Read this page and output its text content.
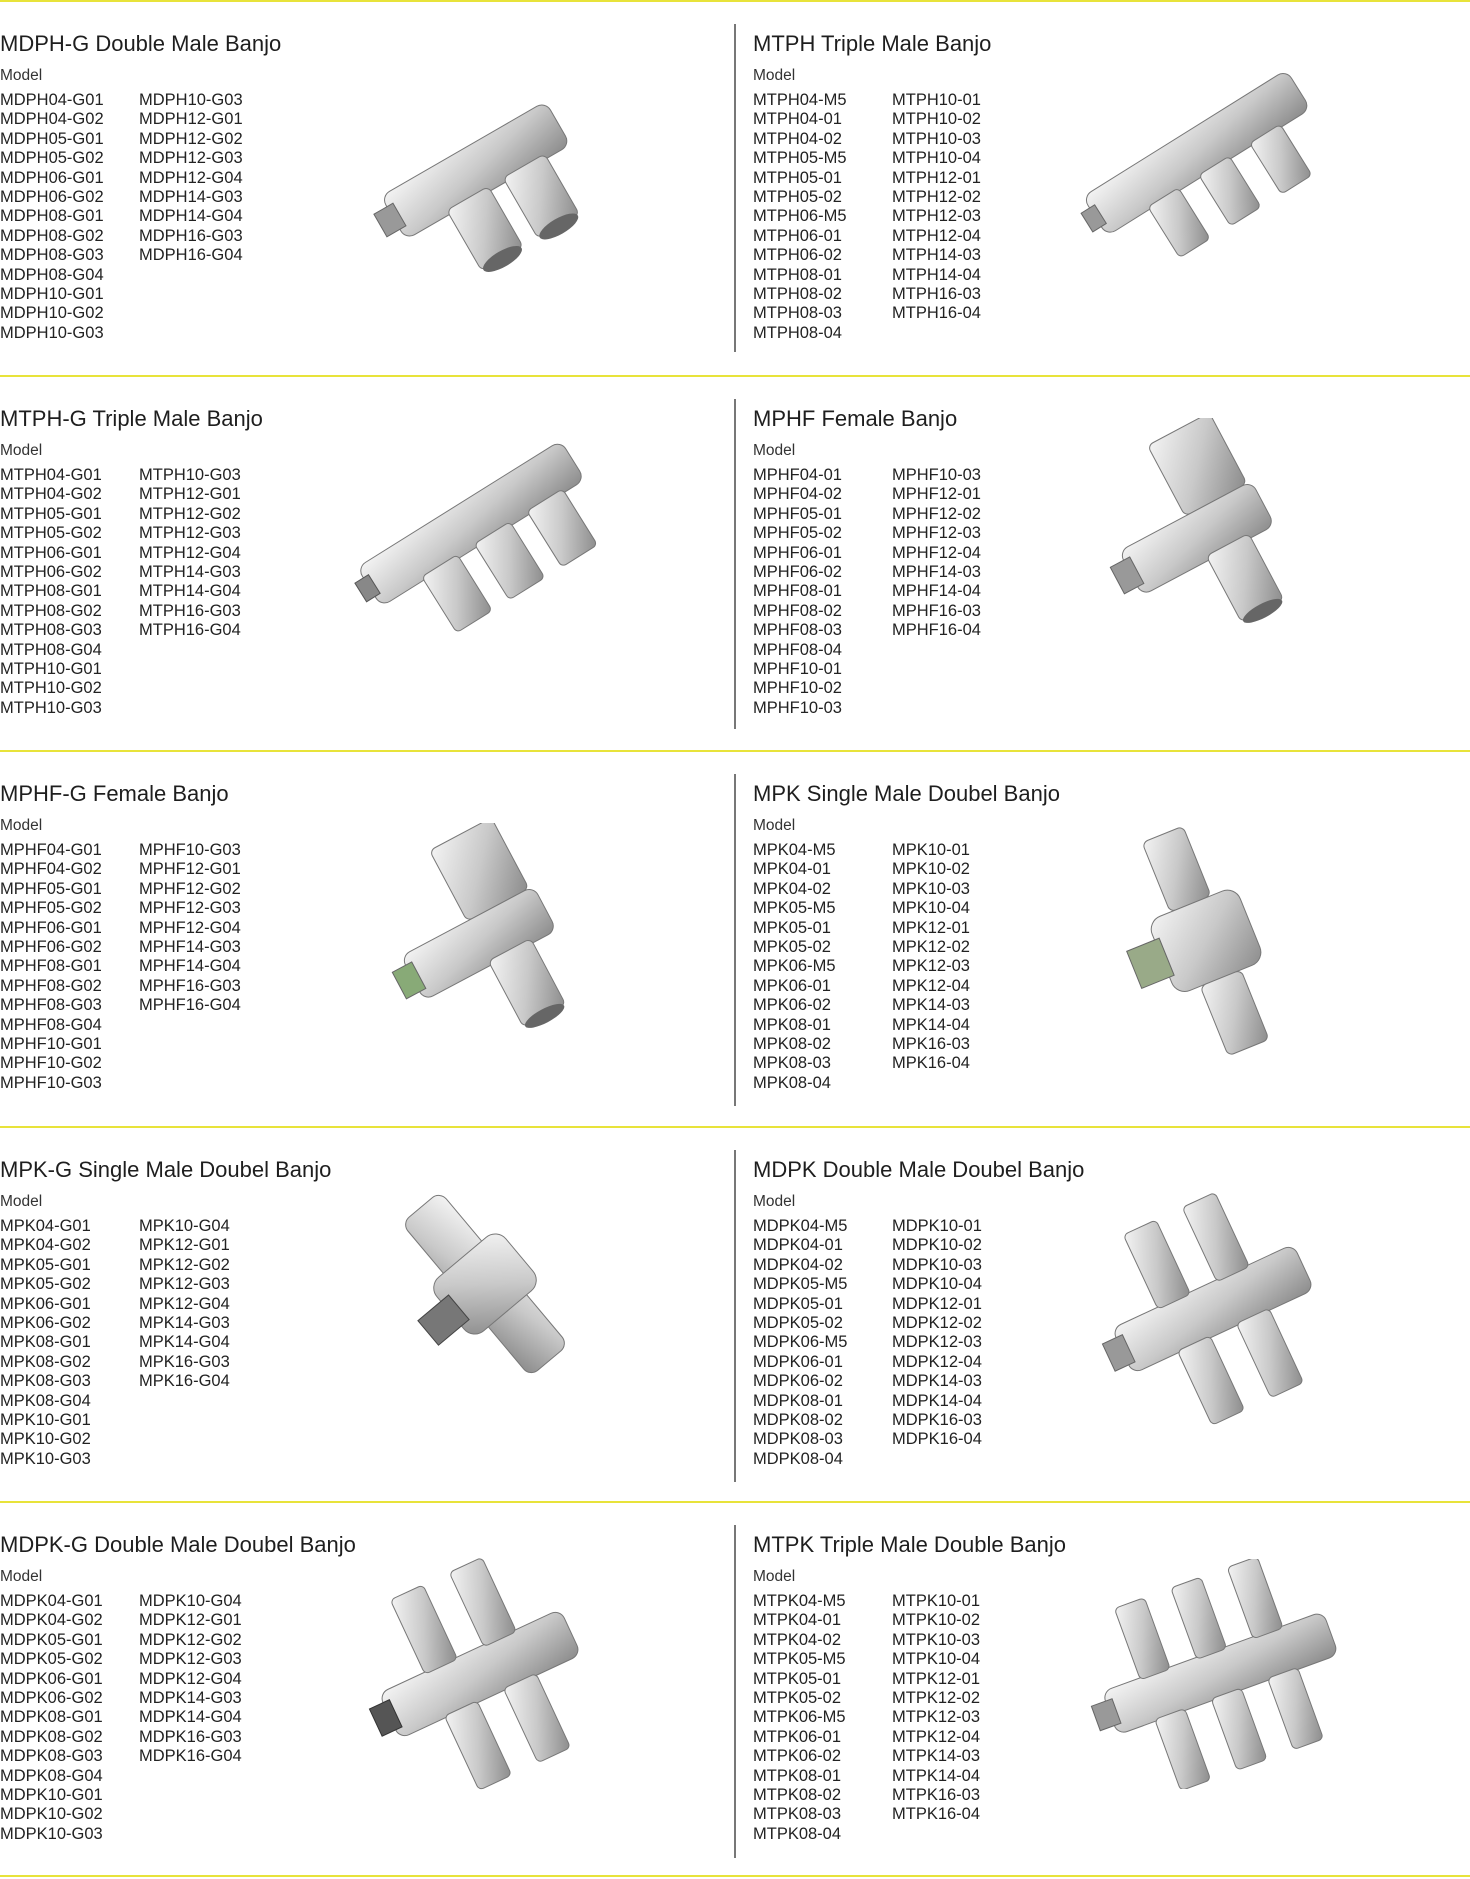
MDPH-G Double Male Banjo
Model
MDPH04-G01
MDPH04-G02
MDPH05-G01
MDPH05-G02
MDPH06-G01
MDPH06-G02
MDPH08-G01
MDPH08-G02
MDPH08-G03
MDPH08-G04
MDPH10-G01
MDPH10-G02
MDPH10-G03
MDPH10-G03
MDPH12-G01
MDPH12-G02
MDPH12-G03
MDPH12-G04
MDPH14-G03
MDPH14-G04
MDPH16-G03
MDPH16-G04
MTPH Triple Male Banjo
Model
MTPH04-M5
MTPH04-01
MTPH04-02
MTPH05-M5
MTPH05-01
MTPH05-02
MTPH06-M5
MTPH06-01
MTPH06-02
MTPH08-01
MTPH08-02
MTPH08-03
MTPH08-04
MTPH10-01
MTPH10-02
MTPH10-03
MTPH10-04
MTPH12-01
MTPH12-02
MTPH12-03
MTPH12-04
MTPH14-03
MTPH14-04
MTPH16-03
MTPH16-04
MTPH-G Triple Male Banjo
Model
MTPH04-G01
MTPH04-G02
MTPH05-G01
MTPH05-G02
MTPH06-G01
MTPH06-G02
MTPH08-G01
MTPH08-G02
MTPH08-G03
MTPH08-G04
MTPH10-G01
MTPH10-G02
MTPH10-G03
MTPH10-G03
MTPH12-G01
MTPH12-G02
MTPH12-G03
MTPH12-G04
MTPH14-G03
MTPH14-G04
MTPH16-G03
MTPH16-G04
MPHF Female Banjo
Model
MPHF04-01
MPHF04-02
MPHF05-01
MPHF05-02
MPHF06-01
MPHF06-02
MPHF08-01
MPHF08-02
MPHF08-03
MPHF08-04
MPHF10-01
MPHF10-02
MPHF10-03
MPHF10-03
MPHF12-01
MPHF12-02
MPHF12-03
MPHF12-04
MPHF14-03
MPHF14-04
MPHF16-03
MPHF16-04
MPHF-G Female Banjo
Model
MPHF04-G01
MPHF04-G02
MPHF05-G01
MPHF05-G02
MPHF06-G01
MPHF06-G02
MPHF08-G01
MPHF08-G02
MPHF08-G03
MPHF08-G04
MPHF10-G01
MPHF10-G02
MPHF10-G03
MPHF10-G03
MPHF12-G01
MPHF12-G02
MPHF12-G03
MPHF12-G04
MPHF14-G03
MPHF14-G04
MPHF16-G03
MPHF16-G04
MPK Single Male Doubel Banjo
Model
MPK04-M5
MPK04-01
MPK04-02
MPK05-M5
MPK05-01
MPK05-02
MPK06-M5
MPK06-01
MPK06-02
MPK08-01
MPK08-02
MPK08-03
MPK08-04
MPK10-01
MPK10-02
MPK10-03
MPK10-04
MPK12-01
MPK12-02
MPK12-03
MPK12-04
MPK14-03
MPK14-04
MPK16-03
MPK16-04
MPK-G Single Male Doubel Banjo
Model
MPK04-G01
MPK04-G02
MPK05-G01
MPK05-G02
MPK06-G01
MPK06-G02
MPK08-G01
MPK08-G02
MPK08-G03
MPK08-G04
MPK10-G01
MPK10-G02
MPK10-G03
MPK10-G04
MPK12-G01
MPK12-G02
MPK12-G03
MPK12-G04
MPK14-G03
MPK14-G04
MPK16-G03
MPK16-G04
MDPK Double Male Doubel Banjo
Model
MDPK04-M5
MDPK04-01
MDPK04-02
MDPK05-M5
MDPK05-01
MDPK05-02
MDPK06-M5
MDPK06-01
MDPK06-02
MDPK08-01
MDPK08-02
MDPK08-03
MDPK08-04
MDPK10-01
MDPK10-02
MDPK10-03
MDPK10-04
MDPK12-01
MDPK12-02
MDPK12-03
MDPK12-04
MDPK14-03
MDPK14-04
MDPK16-03
MDPK16-04
MDPK-G Double Male Doubel Banjo
Model
MDPK04-G01
MDPK04-G02
MDPK05-G01
MDPK05-G02
MDPK06-G01
MDPK06-G02
MDPK08-G01
MDPK08-G02
MDPK08-G03
MDPK08-G04
MDPK10-G01
MDPK10-G02
MDPK10-G03
MDPK10-G04
MDPK12-G01
MDPK12-G02
MDPK12-G03
MDPK12-G04
MDPK14-G03
MDPK14-G04
MDPK16-G03
MDPK16-G04
MTPK Triple Male Double Banjo
Model
MTPK04-M5
MTPK04-01
MTPK04-02
MTPK05-M5
MTPK05-01
MTPK05-02
MTPK06-M5
MTPK06-01
MTPK06-02
MTPK08-01
MTPK08-02
MTPK08-03
MTPK08-04
MTPK10-01
MTPK10-02
MTPK10-03
MTPK10-04
MTPK12-01
MTPK12-02
MTPK12-03
MTPK12-04
MTPK14-03
MTPK14-04
MTPK16-03
MTPK16-04
